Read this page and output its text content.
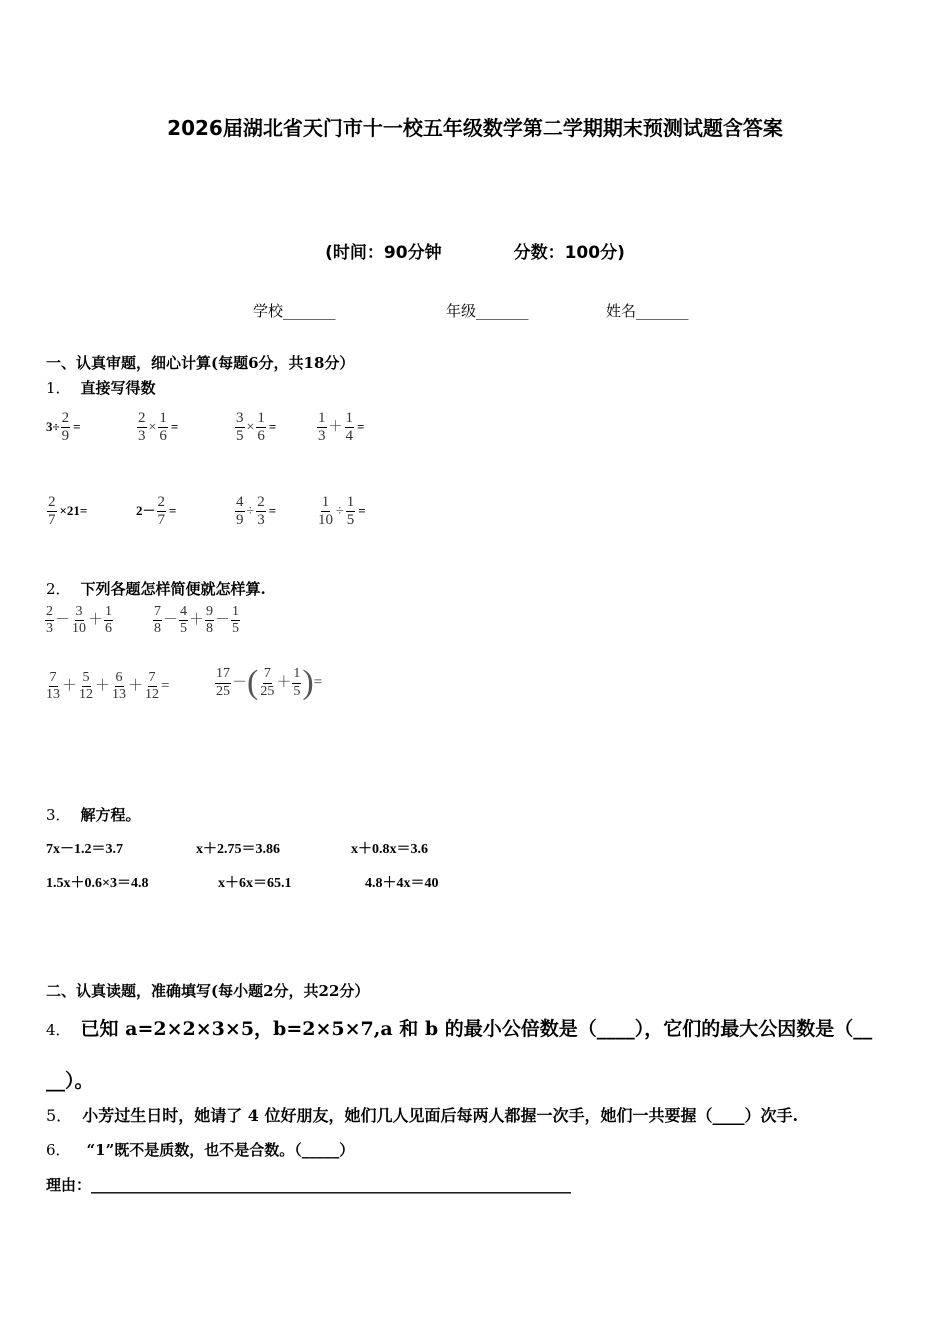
2026届湖北省天门市十一校五年级数学第二学期期末预测试题含答案
(时间：90分钟	分数：100分)
学校_______	年级_______	姓名_______
一、认真审题，细心计算(每题6分，共18分）
1． 直接写得数
$3\div \frac{2}{9}$ =	$\frac{2}{3} \times \frac{1}{6}$ =	$\frac{3}{5} \times \frac{1}{6}$ =	$\frac{1}{3} + \frac{1}{4}$ =
$\frac{2}{7} \times 21=$	$2- \frac{2}{7}$ =	$\frac{4}{9} \div \frac{2}{3}$ =	$\frac{1}{10} \div \frac{1}{5}$ =
2． 下列各题怎样简便就怎样算.
$\frac{2}{3} - \frac{3}{10} + \frac{1}{6}$	$\frac{7}{8} - \frac{4}{5} + \frac{9}{8} - \frac{1}{5}$
$\frac{7}{13} + \frac{5}{12} + \frac{6}{13} + \frac{7}{12}$ =	$\frac{17}{25}$ －( $\frac{7}{25} + \frac{1}{5}$ )=
3． 解方程。
7x－1.2＝3.7	x＋2.75＝3.86	x＋0.8x＝3.6
1.5x＋0.6×3＝4.8	x＋6x＝65.1	4.8＋4x＝40
二、认真读题，准确填写(每小题2分，共22分）
4． 已知 a=2×2×3×5，b=2×5×7,a 和 b 的最小公倍数是（____），它们的最大公因数是（__
__）。
5． 小芳过生日时，她请了 4 位好朋友，她们几人见面后每两人都握一次手，她们一共要握（____）次手.
6． “1”既不是质数，也不是合数。（_____）
理由：________________________________________________________________
